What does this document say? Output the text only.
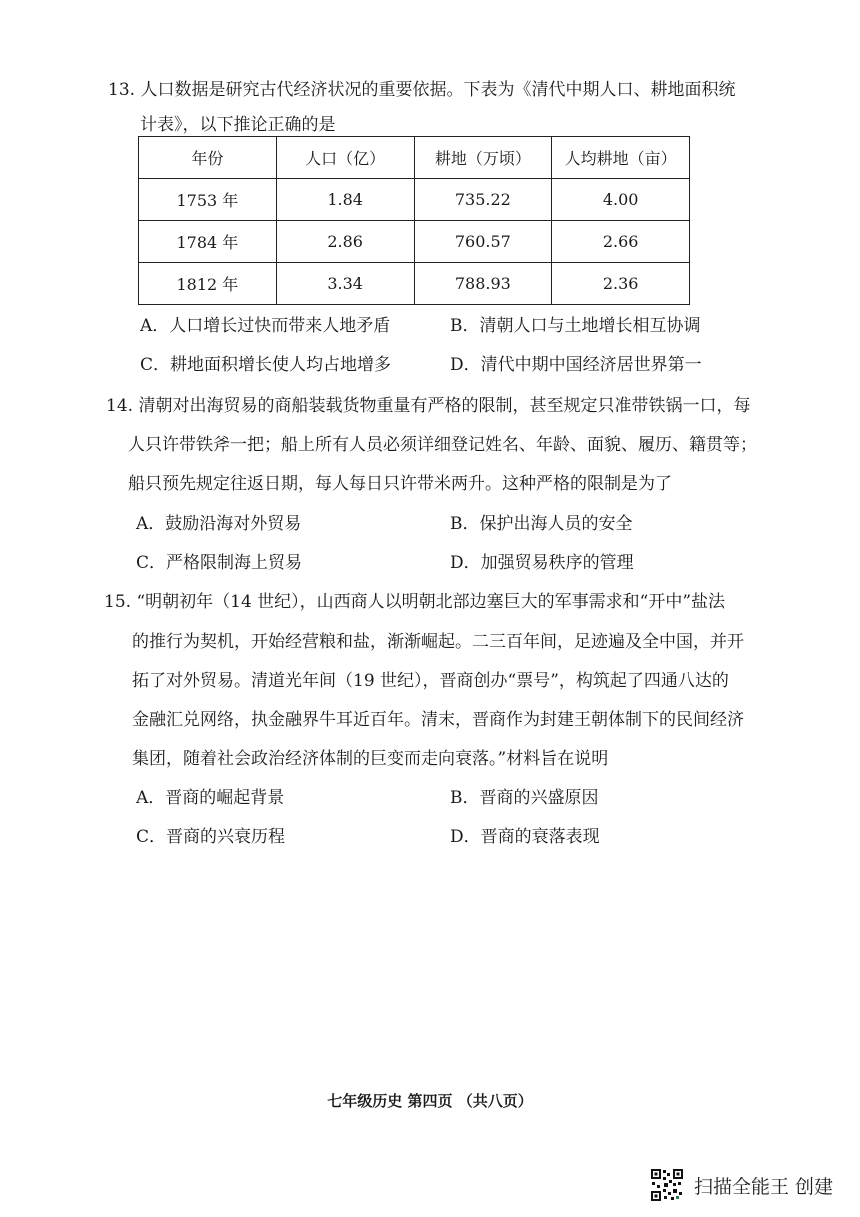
13. 人口数据是研究古代经济状况的重要依据。下表为《清代中期人口、耕地面积统
计表》，以下推论正确的是
年份	人口（亿）	耕地（万顷）	人均耕地（亩）
1753 年	1.84	735.22	4.00
1784 年	2.86	760.57	2.66
1812 年	3.34	788.93	2.36
A．人口增长过快而带来人地矛盾	B．清朝人口与土地增长相互协调
C．耕地面积增长使人均占地增多	D．清代中期中国经济居世界第一
14. 清朝对出海贸易的商船装载货物重量有严格的限制，甚至规定只准带铁锅一口，每
人只许带铁斧一把；船上所有人员必须详细登记姓名、年龄、面貌、履历、籍贯等；
船只预先规定往返日期，每人每日只许带米两升。这种严格的限制是为了
A．鼓励沿海对外贸易	B．保护出海人员的安全
C．严格限制海上贸易	D．加强贸易秩序的管理
15. “明朝初年（14 世纪），山西商人以明朝北部边塞巨大的军事需求和“开中”盐法
的推行为契机，开始经营粮和盐，渐渐崛起。二三百年间，足迹遍及全中国，并开
拓了对外贸易。清道光年间（19 世纪），晋商创办“票号”，构筑起了四通八达的
金融汇兑网络，执金融界牛耳近百年。清末，晋商作为封建王朝体制下的民间经济
集团，随着社会政治经济体制的巨变而走向衰落。”材料旨在说明
A．晋商的崛起背景	B．晋商的兴盛原因
C．晋商的兴衰历程	D．晋商的衰落表现
七年级历史 第四页 （共八页）
扫描全能王 创建
